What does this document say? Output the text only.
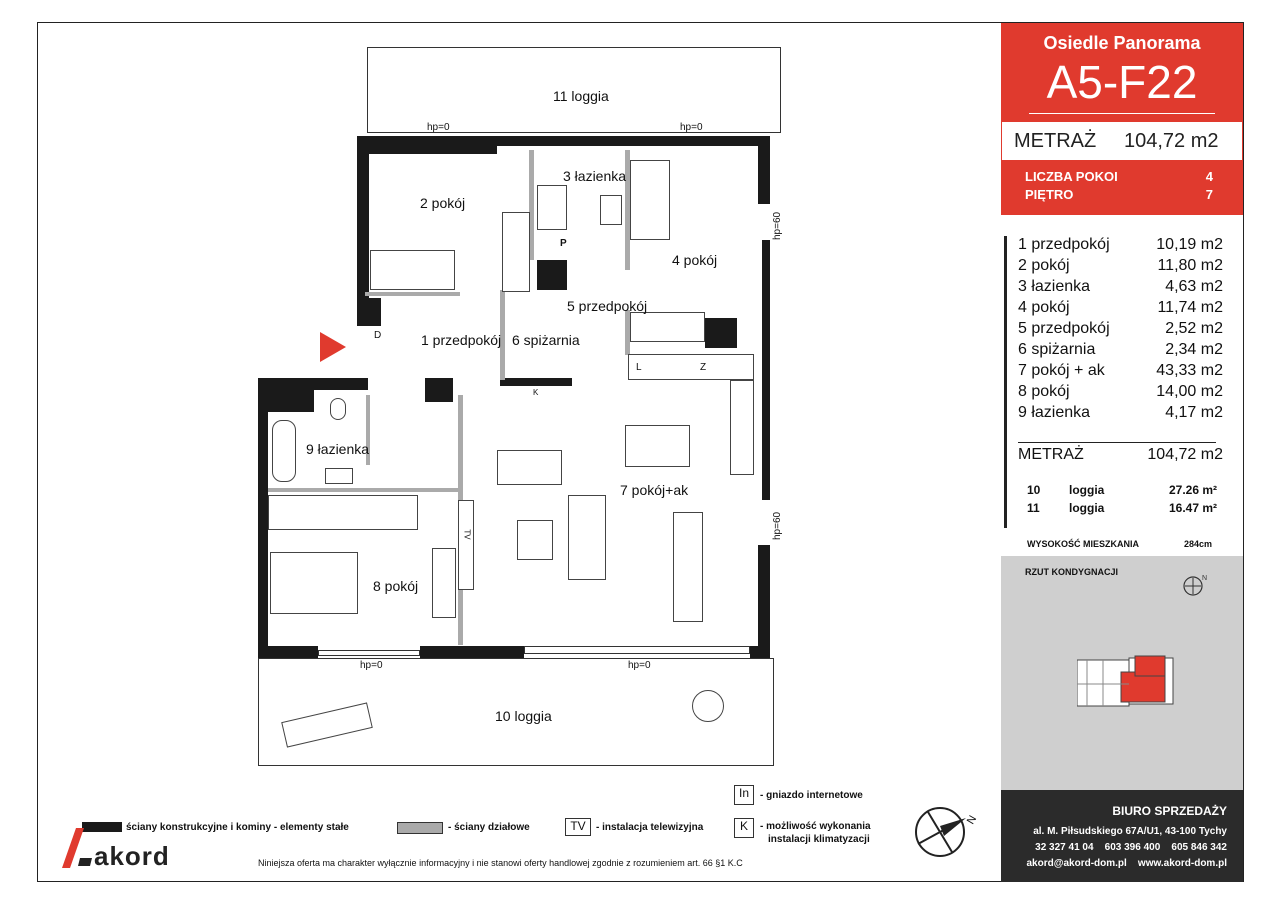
11 loggia
10 loggia
1 przedpokój
2 pokój
3 łazienka
4 pokój
5 przedpokój
6 spiżarnia
7 pokój+ak
8 pokój
9 łazienka
hp=0	hp=0
hp=0	hp=0
hp=60
hp=60
D
P
L	Z
K
TV
Osiedle Panorama
A5-F22
LICZBA POKOI	4
PIĘTRO	7
METRAŻ 104,72 m2
1 przedpokój	10,19 m2
2 pokój	11,80 m2
3 łazienka	4,63 m2
4 pokój	11,74 m2
5 przedpokój	2,52 m2
6 spiżarnia	2,34 m2
7 pokój + ak	43,33 m2
8 pokój	14,00 m2
9 łazienka	4,17 m2
METRAŻ	104,72 m2
10 loggia	27.26 m²
11 loggia	16.47 m²
WYSOKOŚĆ MIESZKANIA	284cm
RZUT KONDYGNACJI
N
BIURO SPRZEDAŻY
al. M. Piłsudskiego 67A/U1, 43-100 Tychy
32 327 41 04    603 396 400    605 846 342
akord@akord-dom.pl    www.akord-dom.pl
ściany konstrukcyjne i kominy - elementy stałe	- ściany działowe	TV	- instalacja telewizyjna
In	- gniazdo internetowe
K	- możliwość wykonania
instalacji klimatyzacji
N
akord	Niniejsza oferta ma charakter wyłącznie informacyjny i nie stanowi oferty handlowej zgodnie z rozumieniem art. 66 §1 K.C
